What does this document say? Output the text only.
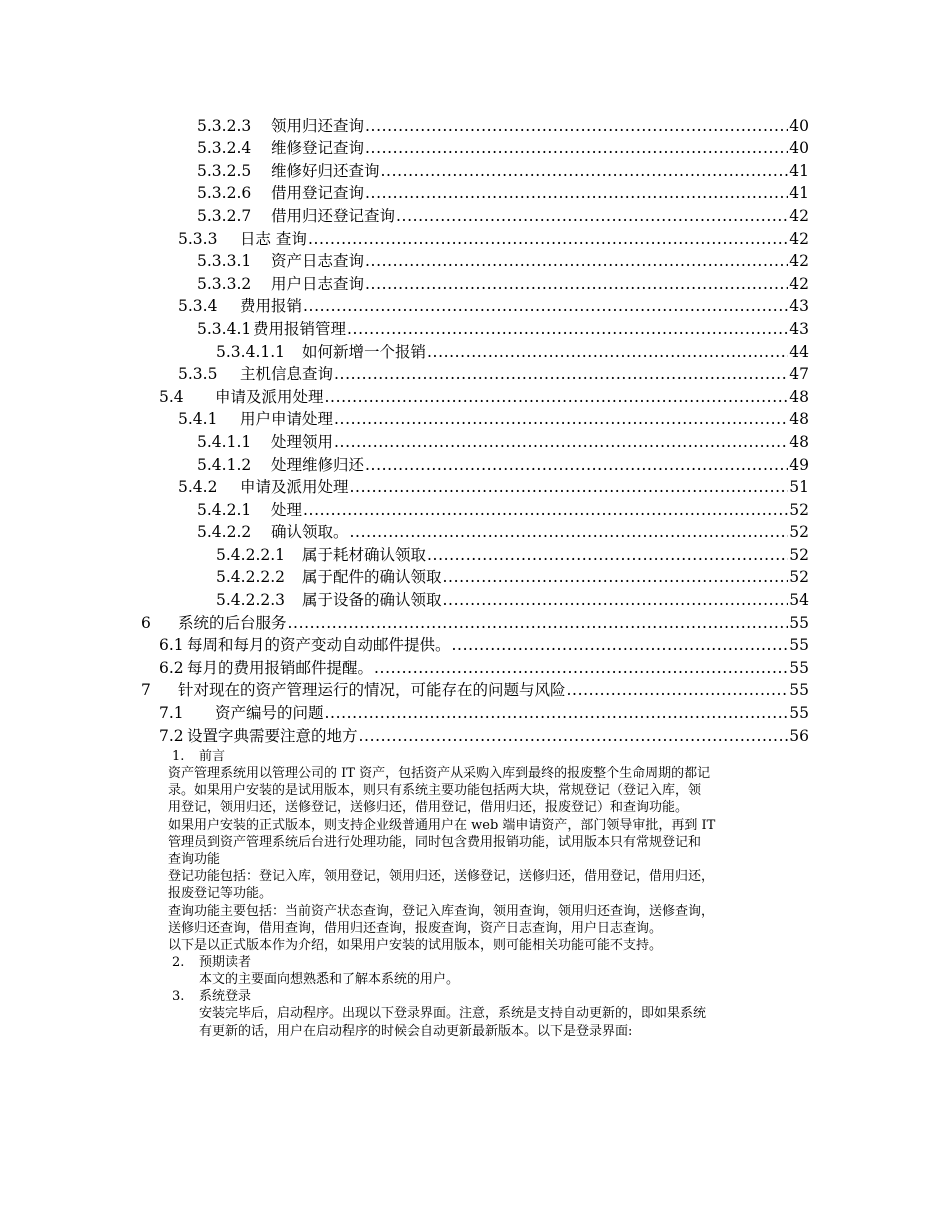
5.3.2.3 领用归还查询 .....	40
5.3.2.4 维修登记查询 .....	40
5.3.2.5 维修好归还查询 .....	41
5.3.2.6 借用登记查询 .....	41
5.3.2.7 借用归还登记查询 .....	42
5.3.3 日志 查询 .....	42
5.3.3.1 资产日志查询 .....	42
5.3.3.2 用户日志查询 .....	42
5.3.4 费用报销 .....	43
5.3.4.1 费用报销管理 .....	43
5.3.4.1.1 如何新增一个报销 .....	44
5.3.5 主机信息查询 .....	47
5.4 申请及派用处理 .....	48
5.4.1 用户申请处理 .....	48
5.4.1.1 处理领用 .....	48
5.4.1.2 处理维修归还 .....	49
5.4.2 申请及派用处理 .....	51
5.4.2.1 处理 .....	52
5.4.2.2 确认领取。 .....	52
5.4.2.2.1 属于耗材确认领取 .....	52
5.4.2.2.2 属于配件的确认领取 .....	52
5.4.2.2.3 属于设备的确认领取 .....	54
6 系统的后台服务 .....	55
6.1 每周和每月的资产变动自动邮件提供。 .....	55
6.2 每月的费用报销邮件提醒。 .....	55
7 针对现在的资产管理运行的情况，可能存在的问题与风险 .....	55
7.1 资产编号的问题 .....	55
7.2 设置字典需要注意的地方 .....	56
1. 前言
资产管理系统用以管理公司的 IT 资产，包括资产从采购入库到最终的报废整个生命周期的都记
录。如果用户安装的是试用版本，则只有系统主要功能包括两大块，常规登记（登记入库，领
用登记，领用归还，送修登记，送修归还，借用登记，借用归还，报废登记）和查询功能。
如果用户安装的正式版本，则支持企业级普通用户在 web 端申请资产，部门领导审批，再到 IT
管理员到资产管理系统后台进行处理功能，同时包含费用报销功能，试用版本只有常规登记和
查询功能
登记功能包括：登记入库，领用登记，领用归还，送修登记，送修归还，借用登记，借用归还，
报废登记等功能。
查询功能主要包括：当前资产状态查询，登记入库查询，领用查询，领用归还查询，送修查询，
送修归还查询，借用查询，借用归还查询，报废查询，资产日志查询，用户日志查询。
以下是以正式版本作为介绍，如果用户安装的试用版本，则可能相关功能可能不支持。
2. 预期读者
本文的主要面向想熟悉和了解本系统的用户。
3. 系统登录
安装完毕后，启动程序。出现以下登录界面。注意，系统是支持自动更新的，即如果系统
有更新的话，用户在启动程序的时候会自动更新最新版本。以下是登录界面:
